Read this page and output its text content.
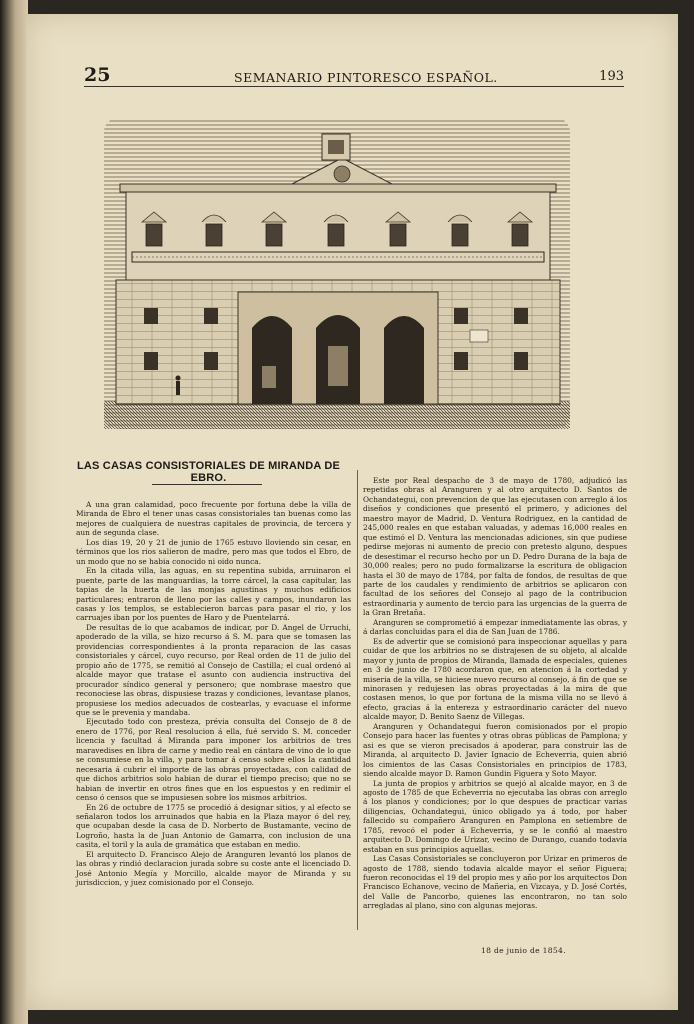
25	SEMANARIO PINTORESCO ESPAÑOL.	193
LAS CASAS CONSISTORIALES DE MIRANDA DE EBRO.

A una gran calamidad, poco frecuente por fortuna debe la villa de Miranda de Ebro el tener unas casas consistoriales tan buenas como las mejores de cualquiera de nuestras capitales de provincia, de tercera y aun de segunda clase.

Los dias 19, 20 y 21 de junio de 1765 estuvo lloviendo sin cesar, en términos que los rios salieron de madre, pero mas que todos el Ebro, de un modo que no se habia conocido ni oido nunca.

En la citada villa, las aguas, en su repentina subida, arruinaron el puente, parte de las manguardias, la torre cárcel, la casa capitular, las tapias de la huerta de las monjas agustinas y muchos edificios particulares; entraron de lleno por las calles y campos, inundaron las casas y los templos, se establecieron barcas para pasar el rio, y los carruajes iban por los puentes de Haro y de Puentelarrá.

De resultas de lo que acabamos de indicar, por D. Angel de Urruchi, apoderado de la villa, se hizo recurso á S. M. para que se tomasen las providencias correspondientes á la pronta reparacion de las casas consistoriales y cárcel, cuyo recurso, por Real orden de 11 de julio del propio año de 1775, se remitió al Consejo de Castilla; el cual ordenó al alcalde mayor que tratase el asunto con audiencia instructiva del procurador síndico general y personero; que nombrase maestro que reconociese las obras, dispusiese trazas y condiciones, levantase planos, propusiese los medios adecuados de costearlas, y evacuase el informe que se le prevenia y mandaba.

Ejecutado todo con presteza, prévia consulta del Consejo de 8 de enero de 1776, por Real resolucion á ella, fué servido S. M. conceder licencia y facultad á Miranda para imponer los arbitrios de tres maravedises en libra de carne y medio real en cántara de vino de lo que se consumiese en la villa, y para tomar á censo sobre ellos la cantidad necesaria á cubrir el importe de las obras proyectadas, con calidad de que dichos arbitrios solo habian de durar el tiempo preciso; que no se habian de invertir en otros fines que en los espuestos y en redimir el censo ó censos que se impusiesen sobre los mismos arbitrios.

En 26 de octubre de 1775 se procedió á designar sitios, y al efecto se señalaron todos los arruinados que habia en la Plaza mayor ó del rey, que ocupaban desde la casa de D. Norberto de Bustamante, vecino de Logroño, hasta la de Juan Antonio de Gamarra, con inclusion de una casita, el toril y la aula de gramática que estaban en medio.

El arquitecto D. Francisco Alejo de Aranguren levantó los planos de las obras y rindió declaracion jurada sobre su coste ante el licenciado D. José Antonio Megía y Morcillo, alcalde mayor de Miranda y su jurisdiccion, y juez comisionado por el Consejo.

Este por Real despacho de 3 de mayo de 1780, adjudicó las repetidas obras al Aranguren y al otro arquitecto D. Santos de Ochandategui, con prevencion de que las ejecutasen con arreglo á los diseños y condiciones que presentó el primero, y adiciones del maestro mayor de Madrid, D. Ventura Rodriguez, en la cantidad de 245,000 reales en que estaban valuadas, y ademas 16,000 reales en que estimó el D. Ventura las mencionadas adiciones, sin que pudiese pedirse mejoras ni aumento de precio con pretesto alguno, despues de desestimar el recurso hecho por un D. Pedro Durana de la baja de 30,000 reales; pero no pudo formalizarse la escritura de obligacion hasta el 30 de mayo de 1784, por falta de fondos, de resultas de que parte de los caudales y rendimiento de arbitrios se aplicaron con facultad de los señores del Consejo al pago de la contribucion estraordinaria y aumento de tercio para las urgencias de la guerra de la Gran Bretaña.

Aranguren se comprometió á empezar inmediatamente las obras, y á darlas concluidas para el dia de San Juan de 1786.

Es de advertir que se comisionó para inspeccionar aquellas y para cuidar de que los arbitrios no se distrajesen de su objeto, al alcalde mayor y junta de propios de Miranda, llamada de especiales, quienes en 3 de junio de 1780 acordaron que, en atencion á la cortedad y miseria de la villa, se hiciese nuevo recurso al consejo, á fin de que se minorasen y redujesen las obras proyectadas á la mira de que costasen menos, lo que por fortuna de la misma villa no se llevó á efecto, gracias á la entereza y estraordinario carácter del nuevo alcalde mayor, D. Benito Saenz de Villegas.

Aranguren y Ochandategui fueron comisionados por el propio Consejo para hacer las fuentes y otras obras públicas de Pamplona; y asi es que se vieron precisados á apoderar, para construir las de Miranda, al arquitecto D. Javier Ignacio de Echeverria, quien abrió los cimientos de las Casas Consistoriales en principios de 1783, siendo alcalde mayor D. Ramon Gundin Figuera y Soto Mayor.

La junta de propios y arbitrios se quejó al alcalde mayor, en 3 de agosto de 1785 de que Echeverria no ejecutaba las obras con arreglo á los planos y condiciones; por lo que despues de practicar varias diligencias, Ochandategui, único obligado ya á todo, por haber fallecido su compañero Aranguren en Pamplona en setiembre de 1785, revocó el poder á Echeverria, y se le confió al maestro arquitecto D. Domingo de Urizar, vecino de Durango, cuando todavia estaban en sus principios aquellas.

Las Casas Consistoriales se concluyeron por Urizar en primeros de agosto de 1788, siendo todavia alcalde mayor el señor Figuera; fueron reconocidas el 19 del propio mes y año por los arquitectos Don Francisco Echanove, vecino de Mañeria, en Vizcaya, y D. José Cortés, del Valle de Pancorbo, quienes las encontraron, no tan solo arregladas al plano, sino con algunas mejoras.

18 de junio de 1854.
